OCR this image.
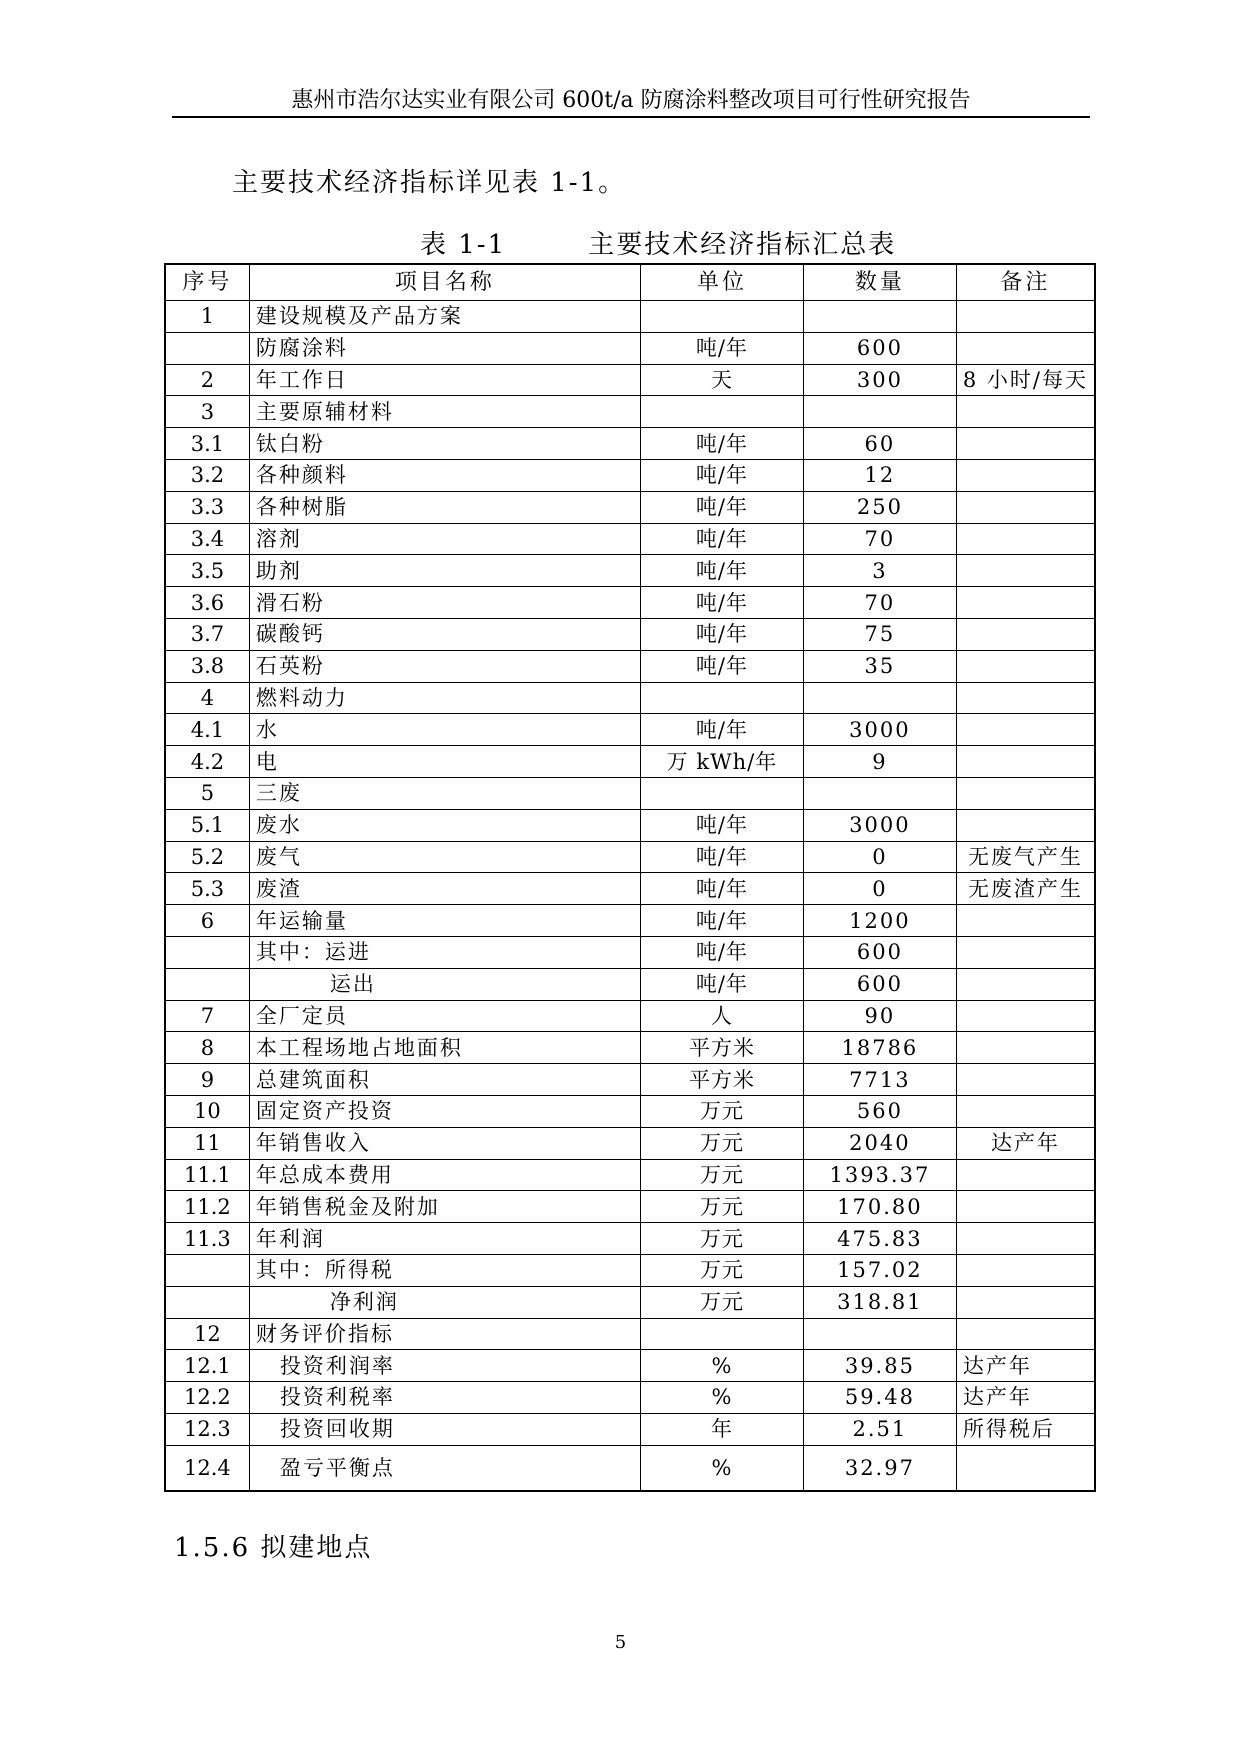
惠州市浩尔达实业有限公司 600t/a 防腐涂料整改项目可行性研究报告
主要技术经济指标详见表 1-1。
表 1-1        主要技术经济指标汇总表
序号	项目名称	单位	数量	备注
1	建设规模及产品方案			
	防腐涂料	吨/年	600	
2	年工作日	天	300	8 小时/每天
3	主要原辅材料			
3.1	钛白粉	吨/年	60	
3.2	各种颜料	吨/年	12	
3.3	各种树脂	吨/年	250	
3.4	溶剂	吨/年	70	
3.5	助剂	吨/年	3	
3.6	滑石粉	吨/年	70	
3.7	碳酸钙	吨/年	75	
3.8	石英粉	吨/年	35	
4	燃料动力			
4.1	水	吨/年	3000	
4.2	电	万 kWh/年	9	
5	三废			
5.1	废水	吨/年	3000	
5.2	废气	吨/年	0	无废气产生
5.3	废渣	吨/年	0	无废渣产生
6	年运输量	吨/年	1200	
	其中：运进	吨/年	600	
	运出	吨/年	600	
7	全厂定员	人	90	
8	本工程场地占地面积	平方米	18786	
9	总建筑面积	平方米	7713	
10	固定资产投资	万元	560	
11	年销售收入	万元	2040	达产年
11.1	年总成本费用	万元	1393.37	
11.2	年销售税金及附加	万元	170.80	
11.3	年利润	万元	475.83	
	其中：所得税	万元	157.02	
	净利润	万元	318.81	
12	财务评价指标			
12.1	投资利润率	%	39.85	达产年
12.2	投资利税率	%	59.48	达产年
12.3	投资回收期	年	2.51	所得税后
12.4	盈亏平衡点	%	32.97	
1.5.6 拟建地点
5
